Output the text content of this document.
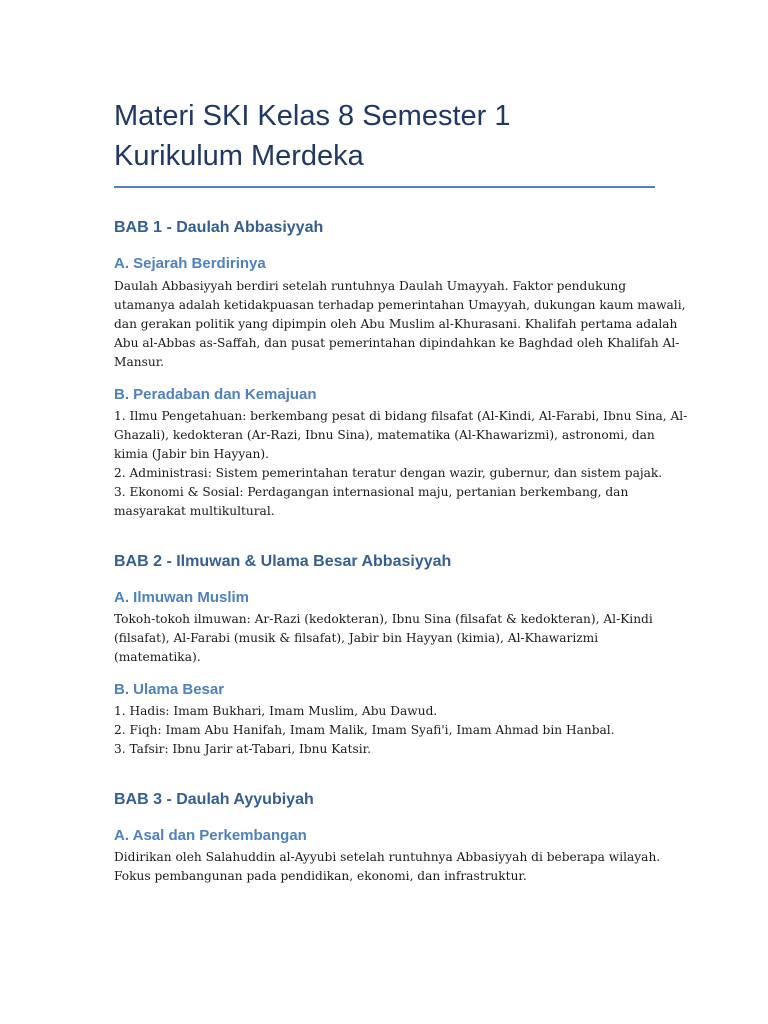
Materi SKI Kelas 8 Semester 1
Kurikulum Merdeka
BAB 1 - Daulah Abbasiyyah
A. Sejarah Berdirinya

Daulah Abbasiyyah berdiri setelah runtuhnya Daulah Umayyah. Faktor pendukung
utamanya adalah ketidakpuasan terhadap pemerintahan Umayyah, dukungan kaum mawali,
dan gerakan politik yang dipimpin oleh Abu Muslim al-Khurasani. Khalifah pertama adalah
Abu al-Abbas as-Saffah, dan pusat pemerintahan dipindahkan ke Baghdad oleh Khalifah Al-
Mansur.

B. Peradaban dan Kemajuan

1. Ilmu Pengetahuan: berkembang pesat di bidang filsafat (Al-Kindi, Al-Farabi, Ibnu Sina, Al-
Ghazali), kedokteran (Ar-Razi, Ibnu Sina), matematika (Al-Khawarizmi), astronomi, dan
kimia (Jabir bin Hayyan).
2. Administrasi: Sistem pemerintahan teratur dengan wazir, gubernur, dan sistem pajak.
3. Ekonomi & Sosial: Perdagangan internasional maju, pertanian berkembang, dan
masyarakat multikultural.

BAB 2 - Ilmuwan & Ulama Besar Abbasiyyah
A. Ilmuwan Muslim

Tokoh-tokoh ilmuwan: Ar-Razi (kedokteran), Ibnu Sina (filsafat & kedokteran), Al-Kindi
(filsafat), Al-Farabi (musik & filsafat), Jabir bin Hayyan (kimia), Al-Khawarizmi
(matematika).

B. Ulama Besar

1. Hadis: Imam Bukhari, Imam Muslim, Abu Dawud.
2. Fiqh: Imam Abu Hanifah, Imam Malik, Imam Syafi'i, Imam Ahmad bin Hanbal.
3. Tafsir: Ibnu Jarir at-Tabari, Ibnu Katsir.

BAB 3 - Daulah Ayyubiyah
A. Asal dan Perkembangan

Didirikan oleh Salahuddin al-Ayyubi setelah runtuhnya Abbasiyyah di beberapa wilayah.
Fokus pembangunan pada pendidikan, ekonomi, dan infrastruktur.
